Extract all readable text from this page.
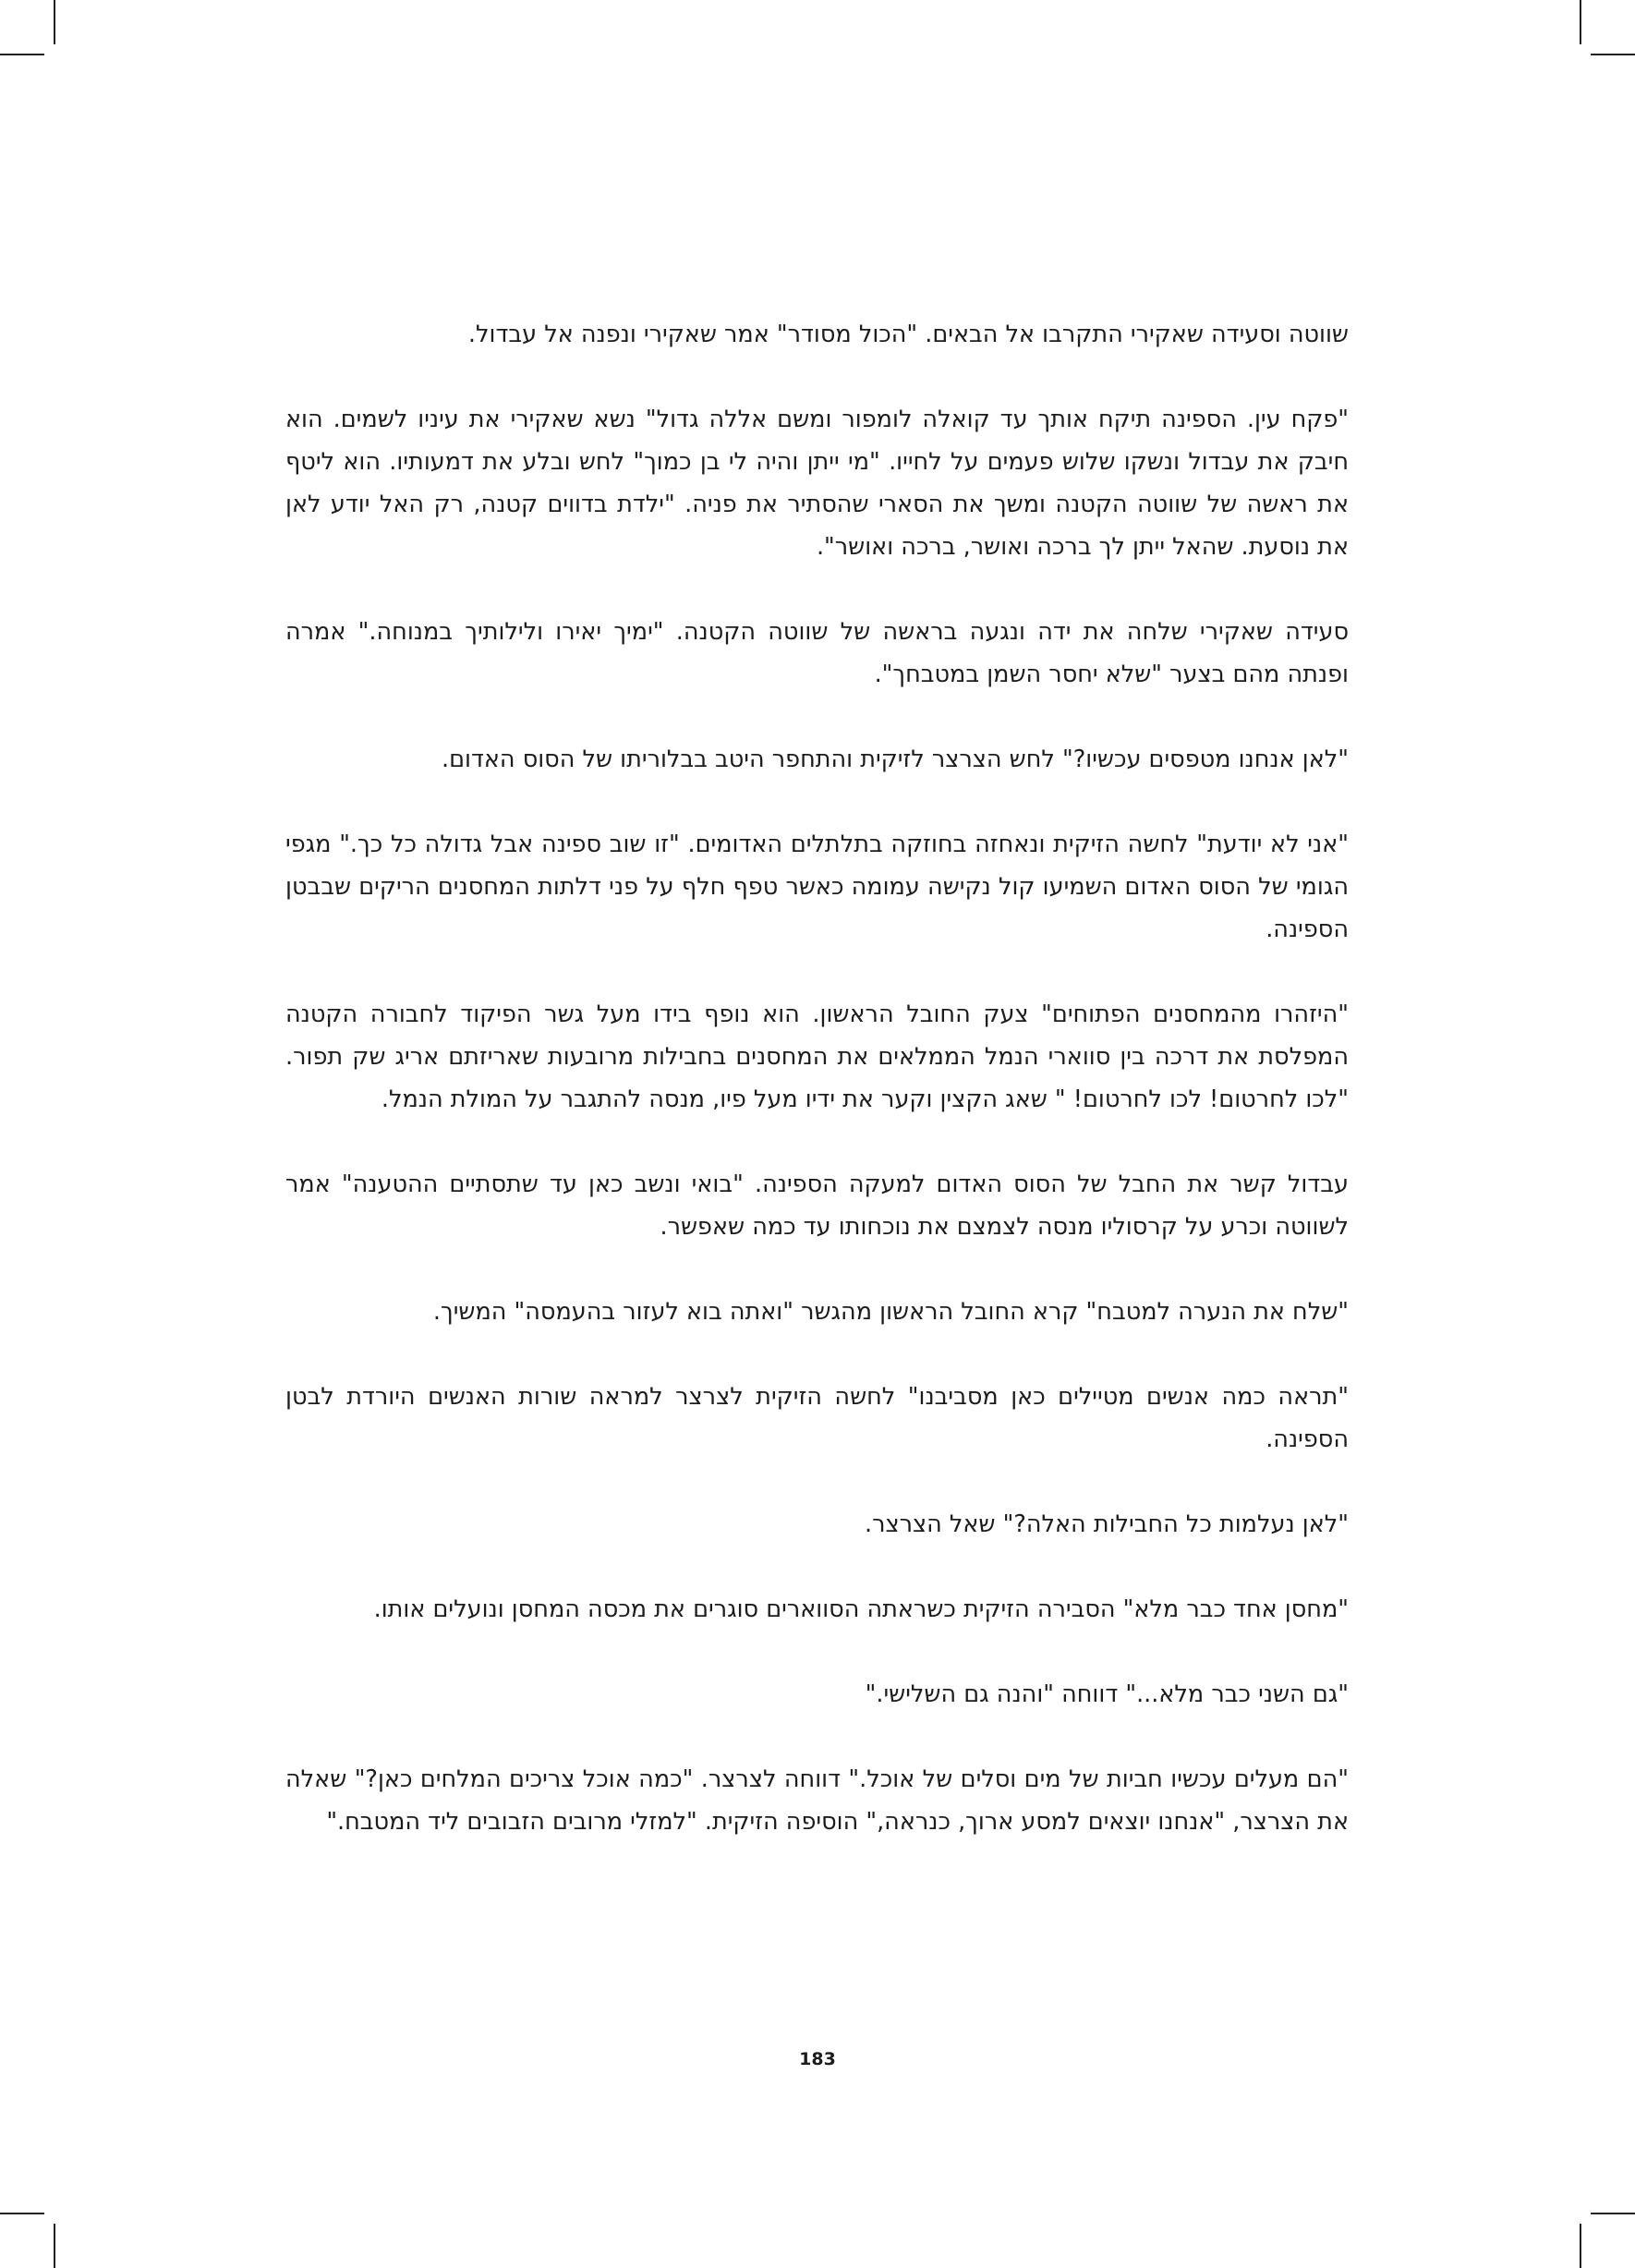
שווטה וסעידה שאקירי התקרבו אל הבאים. "הכול מסודר" אמר שאקירי ונפנה אל עבדול.

"פקח עין. הספינה תיקח אותך עד קואלה לומפור ומשם אללה גדול" נשא שאקירי את עיניו לשמים. הוא חיבק את עבדול ונשקו שלוש פעמים על לחייו. "מי ייתן והיה לי בן כמוך" לחש ובלע את דמעותיו. הוא ליטף את ראשה של שווטה הקטנה ומשך את הסארי שהסתיר את פניה. "ילדת בדווים קטנה, רק האל יודע לאן את נוסעת. שהאל ייתן לך ברכה ואושר, ברכה ואושר".

סעידה שאקירי שלחה את ידה ונגעה בראשה של שווטה הקטנה. "ימיך יאירו ולילותיך במנוחה." אמרה ופנתה מהם בצער "שלא יחסר השמן במטבחך".

"לאן אנחנו מטפסים עכשיו?" לחש הצרצר לזיקית והתחפר היטב בבלוריתו של הסוס האדום.

"אני לא יודעת" לחשה הזיקית ונאחזה בחוזקה בתלתלים האדומים. "זו שוב ספינה אבל גדולה כל כך." מגפי הגומי של הסוס האדום השמיעו קול נקישה עמומה כאשר טפף חלף על פני דלתות המחסנים הריקים שבבטן הספינה.

"היזהרו מהמחסנים הפתוחים" צעק החובל הראשון. הוא נופף בידו מעל גשר הפיקוד לחבורה הקטנה המפלסת את דרכה בין סווארי הנמל הממלאים את המחסנים בחבילות מרובעות שאריזתם אריג שק תפור. "לכו לחרטום! לכו לחרטום! " שאג הקצין וקער את ידיו מעל פיו, מנסה להתגבר על המולת הנמל.

עבדול קשר את החבל של הסוס האדום למעקה הספינה. "בואי ונשב כאן עד שתסתיים ההטענה" אמר לשווטה וכרע על קרסוליו מנסה לצמצם את נוכחותו עד כמה שאפשר.

"שלח את הנערה למטבח" קרא החובל הראשון מהגשר "ואתה בוא לעזור בהעמסה" המשיך.

"תראה כמה אנשים מטיילים כאן מסביבנו" לחשה הזיקית לצרצר למראה שורות האנשים היורדת לבטן הספינה.

"לאן נעלמות כל החבילות האלה?" שאל הצרצר.

"מחסן אחד כבר מלא" הסבירה הזיקית כשראתה הסווארים סוגרים את מכסה המחסן ונועלים אותו.

"גם השני כבר מלא..." דווחה "והנה גם השלישי."

"הם מעלים עכשיו חביות של מים וסלים של אוכל." דווחה לצרצר. "כמה אוכל צריכים המלחים כאן?" שאלה את הצרצר, "אנחנו יוצאים למסע ארוך, כנראה," הוסיפה הזיקית. "למזלי מרובים הזבובים ליד המטבח."

183
